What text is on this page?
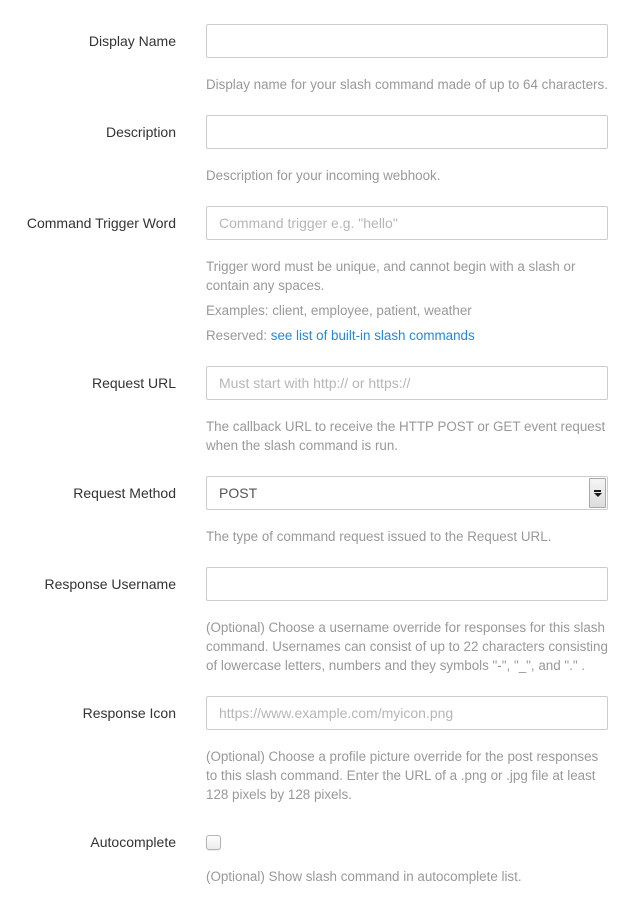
Display Name

Display name for your slash command made of up to 64 characters.

Description

Description for your incoming webhook.

Command Trigger Word
Command trigger e.g. "hello"

Trigger word must be unique, and cannot begin with a slash or contain any spaces.

Examples: client, employee, patient, weather

Reserved: see list of built-in slash commands

Request URL
Must start with http:// or https://

The callback URL to receive the HTTP POST or GET event request when the slash command is run.

Request Method	POST

The type of command request issued to the Request URL.

Response Username

(Optional) Choose a username override for responses for this slash command. Usernames can consist of up to 22 characters consisting of lowercase letters, numbers and they symbols "-", "_", and "." .

Response Icon
https://www.example.com/myicon.png

(Optional) Choose a profile picture override for the post responses to this slash command. Enter the URL of a .png or .jpg file at least 128 pixels by 128 pixels.

Autocomplete

(Optional) Show slash command in autocomplete list.
